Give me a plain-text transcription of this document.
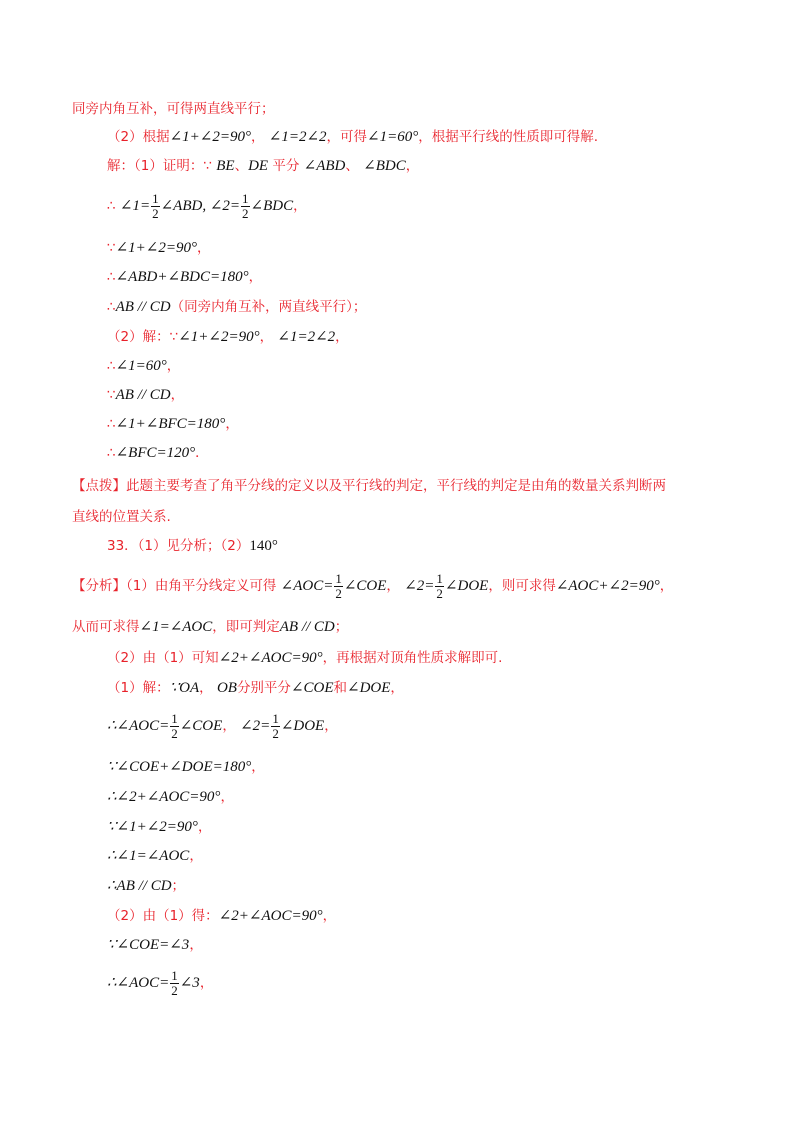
同旁内角互补，可得两直线平行；
（2）根据∠1+∠2=90°， ∠1=2∠2，可得∠1=60°，根据平行线的性质即可得解.
解：（1）证明：∵ BE、DE 平分 ∠ABD、 ∠BDC，
∴ ∠1= $\frac{1}{2}$ ∠ABD, ∠2= $\frac{1}{2}$ ∠BDC，
∵∠1+∠2=90°，
∴∠ABD+∠BDC=180°，
∴AB // CD（同旁内角互补，两直线平行）；
（2）解：∵∠1+∠2=90°， ∠1=2∠2，
∴∠1=60°，
∵AB // CD，
∴∠1+∠BFC=180°，
∴∠BFC=120°．
【点拨】此题主要考查了角平分线的定义以及平行线的判定，平行线的判定是由角的数量关系判断两
直线的位置关系.
33．（1）见分析；（2）140°
【分析】（1）由角平分线定义可得 ∠AOC= $\frac{1}{2}$ ∠COE， ∠2= $\frac{1}{2}$ ∠DOE，则可求得∠AOC+∠2=90°，
从而可求得∠1=∠AOC，即可判定AB // CD；
（2）由（1）可知∠2+∠AOC=90°，再根据对顶角性质求解即可.
（1）解：∵OA， OB分别平分∠COE和∠DOE，
∴∠AOC= $\frac{1}{2}$ ∠COE， ∠2= $\frac{1}{2}$ ∠DOE，
∵∠COE+∠DOE=180°，
∴∠2+∠AOC=90°，
∵∠1+∠2=90°，
∴∠1=∠AOC，
∴AB // CD；
（2）由（1）得：∠2+∠AOC=90°，
∵∠COE=∠3，
∴∠AOC= $\frac{1}{2}$ ∠3，
